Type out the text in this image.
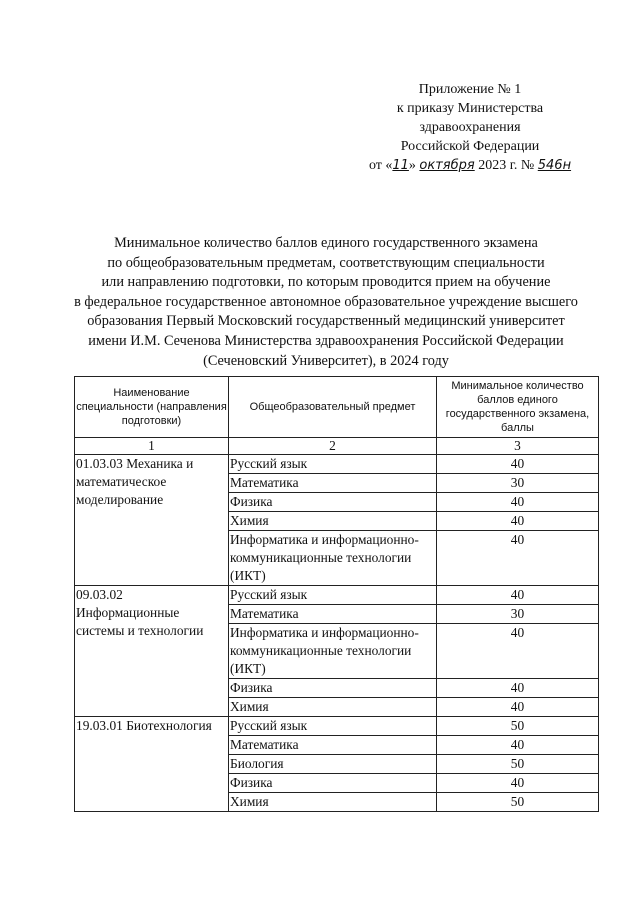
Приложение № 1
к приказу Министерства
здравоохранения
Российской Федерации
от «11» октября 2023 г. № 546н
Минимальное количество баллов единого государственного экзамена
по общеобразовательным предметам, соответствующим специальности
или направлению подготовки, по которым проводится прием на обучение
в федеральное государственное автономное образовательное учреждение высшего
образования Первый Московский государственный медицинский университет
имени И.М. Сеченова Министерства здравоохранения Российской Федерации
(Сеченовский Университет), в 2024 году
Наименование специальности (направления подготовки)	Общеобразовательный предмет	Минимальное количество баллов единого государственного экзамена, баллы
1	2	3
01.03.03 Механика и математическое моделирование	Русский язык	40
	Математика	30
	Физика	40
	Химия	40
	Информатика и информационно-коммуникационные технологии (ИКТ)	40
09.03.02 Информационные системы и технологии	Русский язык	40
	Математика	30
	Информатика и информационно-коммуникационные технологии (ИКТ)	40
	Физика	40
	Химия	40
19.03.01 Биотехнология	Русский язык	50
	Математика	40
	Биология	50
	Физика	40
	Химия	50
